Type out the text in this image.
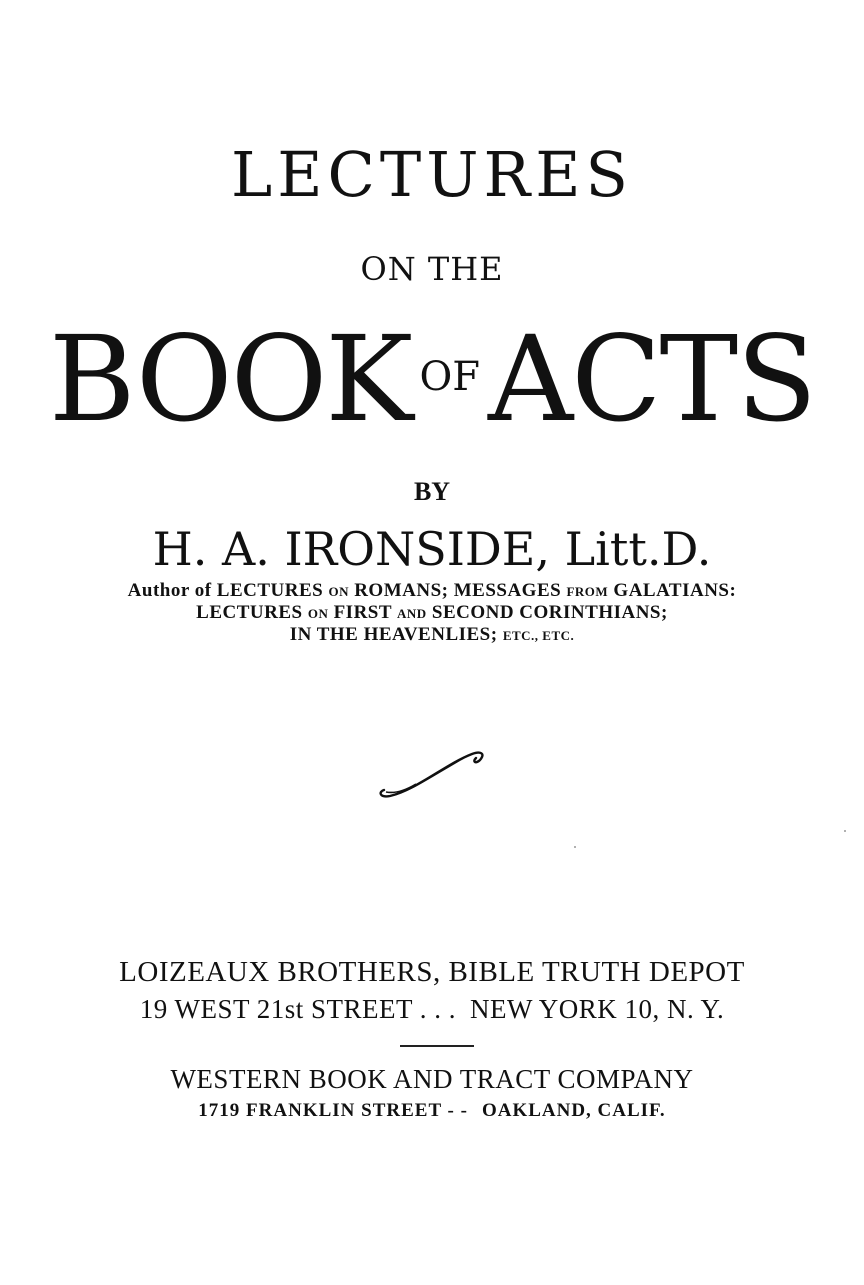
LECTURES
ON THE
BOOK $^{OF}$ACTS
BY
H. A. IRONSIDE, Litt.D.
Author of LECTURES ON ROMANS; MESSAGES FROM GALATIANS:
LECTURES ON FIRST AND SECOND CORINTHIANS;
IN THE HEAVENLIES; ETC., ETC.
LOIZEAUX BROTHERS, BIBLE TRUTH DEPOT
19 WEST 21st STREET . . . NEW YORK 10, N. Y.
WESTERN BOOK AND TRACT COMPANY
1719 FRANKLIN STREET - - OAKLAND, CALIF.
